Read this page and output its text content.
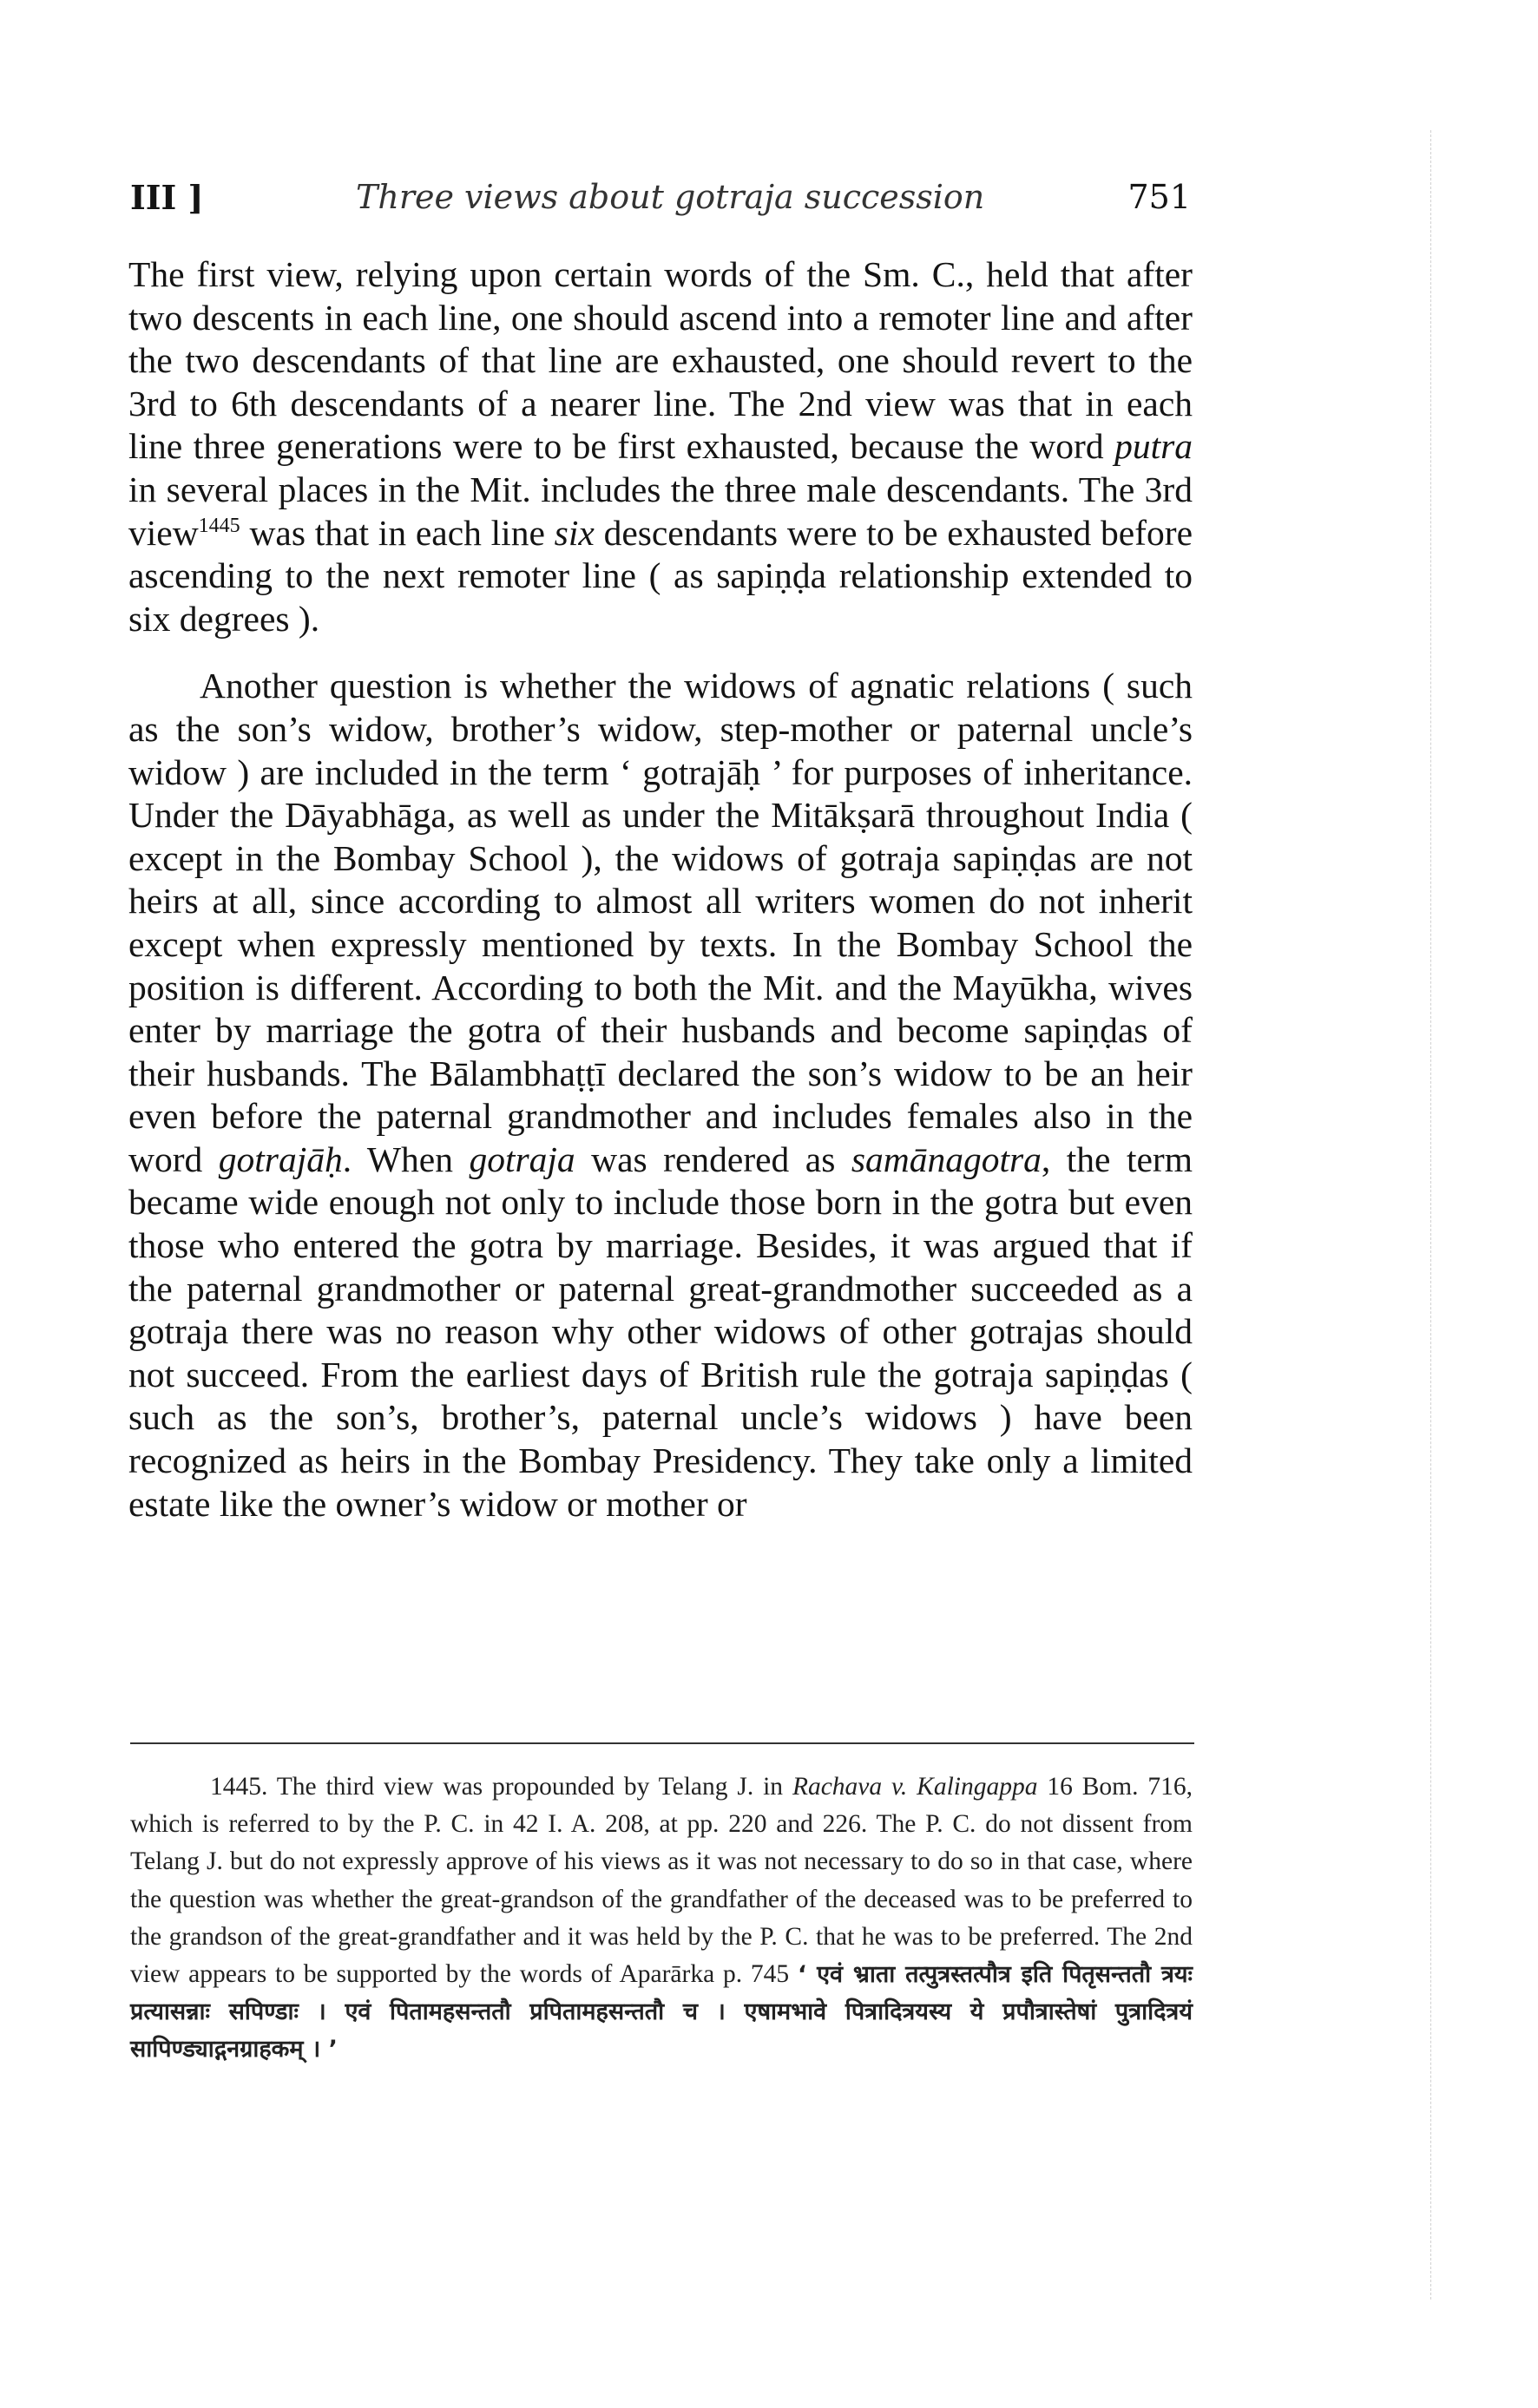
III ]	Three views about gotraja succession	751

The first view, relying upon certain words of the Sm. C., held that after two descents in each line, one should ascend into a remoter line and after the two descendants of that line are exhausted, one should revert to the 3rd to 6th descendants of a nearer line. The 2nd view was that in each line three generations were to be first exhausted, because the word putra in several places in the Mit. includes the three male descendants. The 3rd view$^{1445}$ was that in each line six descendants were to be exhausted before ascending to the next remoter line ( as sapiṇḍa relationship extended to six degrees ).

Another question is whether the widows of agnatic relations ( such as the son’s widow, brother’s widow, step-mother or paternal uncle’s widow ) are included in the term ‘ gotrajāḥ ’ for purposes of inheritance. Under the Dāyabhāga, as well as under the Mitākṣarā throughout India ( except in the Bombay School ), the widows of gotraja sapiṇḍas are not heirs at all, since according to almost all writers women do not inherit except when expressly mentioned by texts. In the Bombay School the position is different. According to both the Mit. and the Mayūkha, wives enter by marriage the gotra of their husbands and become sapiṇḍas of their husbands. The Bālambhaṭṭī declared the son’s widow to be an heir even before the paternal grandmother and includes females also in the word gotrajāḥ. When gotraja was rendered as samānagotra, the term became wide enough not only to include those born in the gotra but even those who entered the gotra by marriage. Besides, it was argued that if the paternal grandmother or paternal great-grandmother succeeded as a gotraja there was no reason why other widows of other gotrajas should not succeed. From the earliest days of British rule the gotraja sapiṇḍas ( such as the son’s, brother’s, paternal uncle’s widows ) have been recognized as heirs in the Bombay Presidency. They take only a limited estate like the owner’s widow or mother or

1445. The third view was propounded by Telang J. in Rachava v. Kalingappa 16 Bom. 716, which is referred to by the P. C. in 42 I. A. 208, at pp. 220 and 226. The P. C. do not dissent from Telang J. but do not expressly approve of his views as it was not necessary to do so in that case, where the question was whether the great-grandson of the grandfather of the deceased was to be preferred to the grandson of the great-grandfather and it was held by the P. C. that he was to be preferred. The 2nd view appears to be supported by the words of Aparārka p. 745 ‘ एवं भ्राता तत्पुत्रस्तत्पौत्र इति पितृसन्ततौ त्रयः प्रत्यासन्नाः सपिण्डाः । एवं पितामहसन्ततौ प्रपितामहसन्ततौ च । एषामभावे पित्रादित्रयस्य ये प्रपौत्रास्तेषां पुत्रादित्रयं सापिण्ड्याद्गनग्राहकम् । ’
